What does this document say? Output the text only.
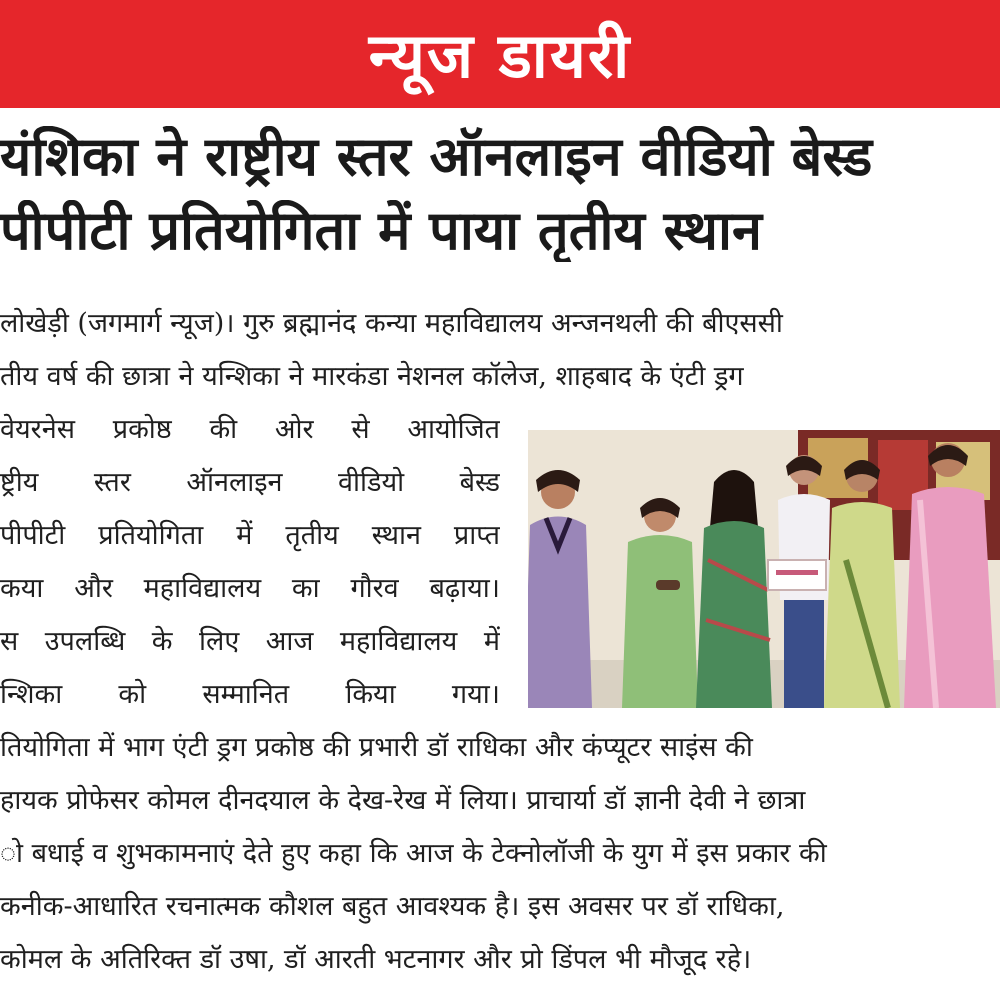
न्यूज डायरी
यंशिका ने राष्ट्रीय स्तर ऑनलाइन वीडियो बेस्ड
पीपीटी प्रतियोगिता में पाया तृतीय स्थान
लोखेड़ी (जगमार्ग न्यूज)। गुरु ब्रह्मानंद कन्या महाविद्यालय अन्जनथली की बीएससी
तीय वर्ष की छात्रा ने यन्शिका ने मारकंडा नेशनल कॉलेज, शाहबाद के एंटी ड्रग
वेयरनेस प्रकोष्ठ की ओर से आयोजित
ष्ट्रीय स्तर ऑनलाइन वीडियो बेस्ड
पीपीटी प्रतियोगिता में तृतीय स्थान प्राप्त
कया और महाविद्यालय का गौरव बढ़ाया।
स उपलब्धि के लिए आज महाविद्यालय में
न्शिका को सम्मानित किया गया।
तियोगिता में भाग एंटी ड्रग प्रकोष्ठ की प्रभारी डॉ राधिका और कंप्यूटर साइंस की
हायक प्रोफेसर कोमल दीनदयाल के देख-रेख में लिया। प्राचार्या डॉ ज्ञानी देवी ने छात्रा
ो बधाई व शुभकामनाएं देते हुए कहा कि आज के टेक्नोलॉजी के युग में इस प्रकार की
कनीक-आधारित रचनात्मक कौशल बहुत आवश्यक है। इस अवसर पर डॉ राधिका,
कोमल के अतिरिक्त डॉ उषा, डॉ आरती भटनागर और प्रो डिंपल भी मौजूद रहे।
